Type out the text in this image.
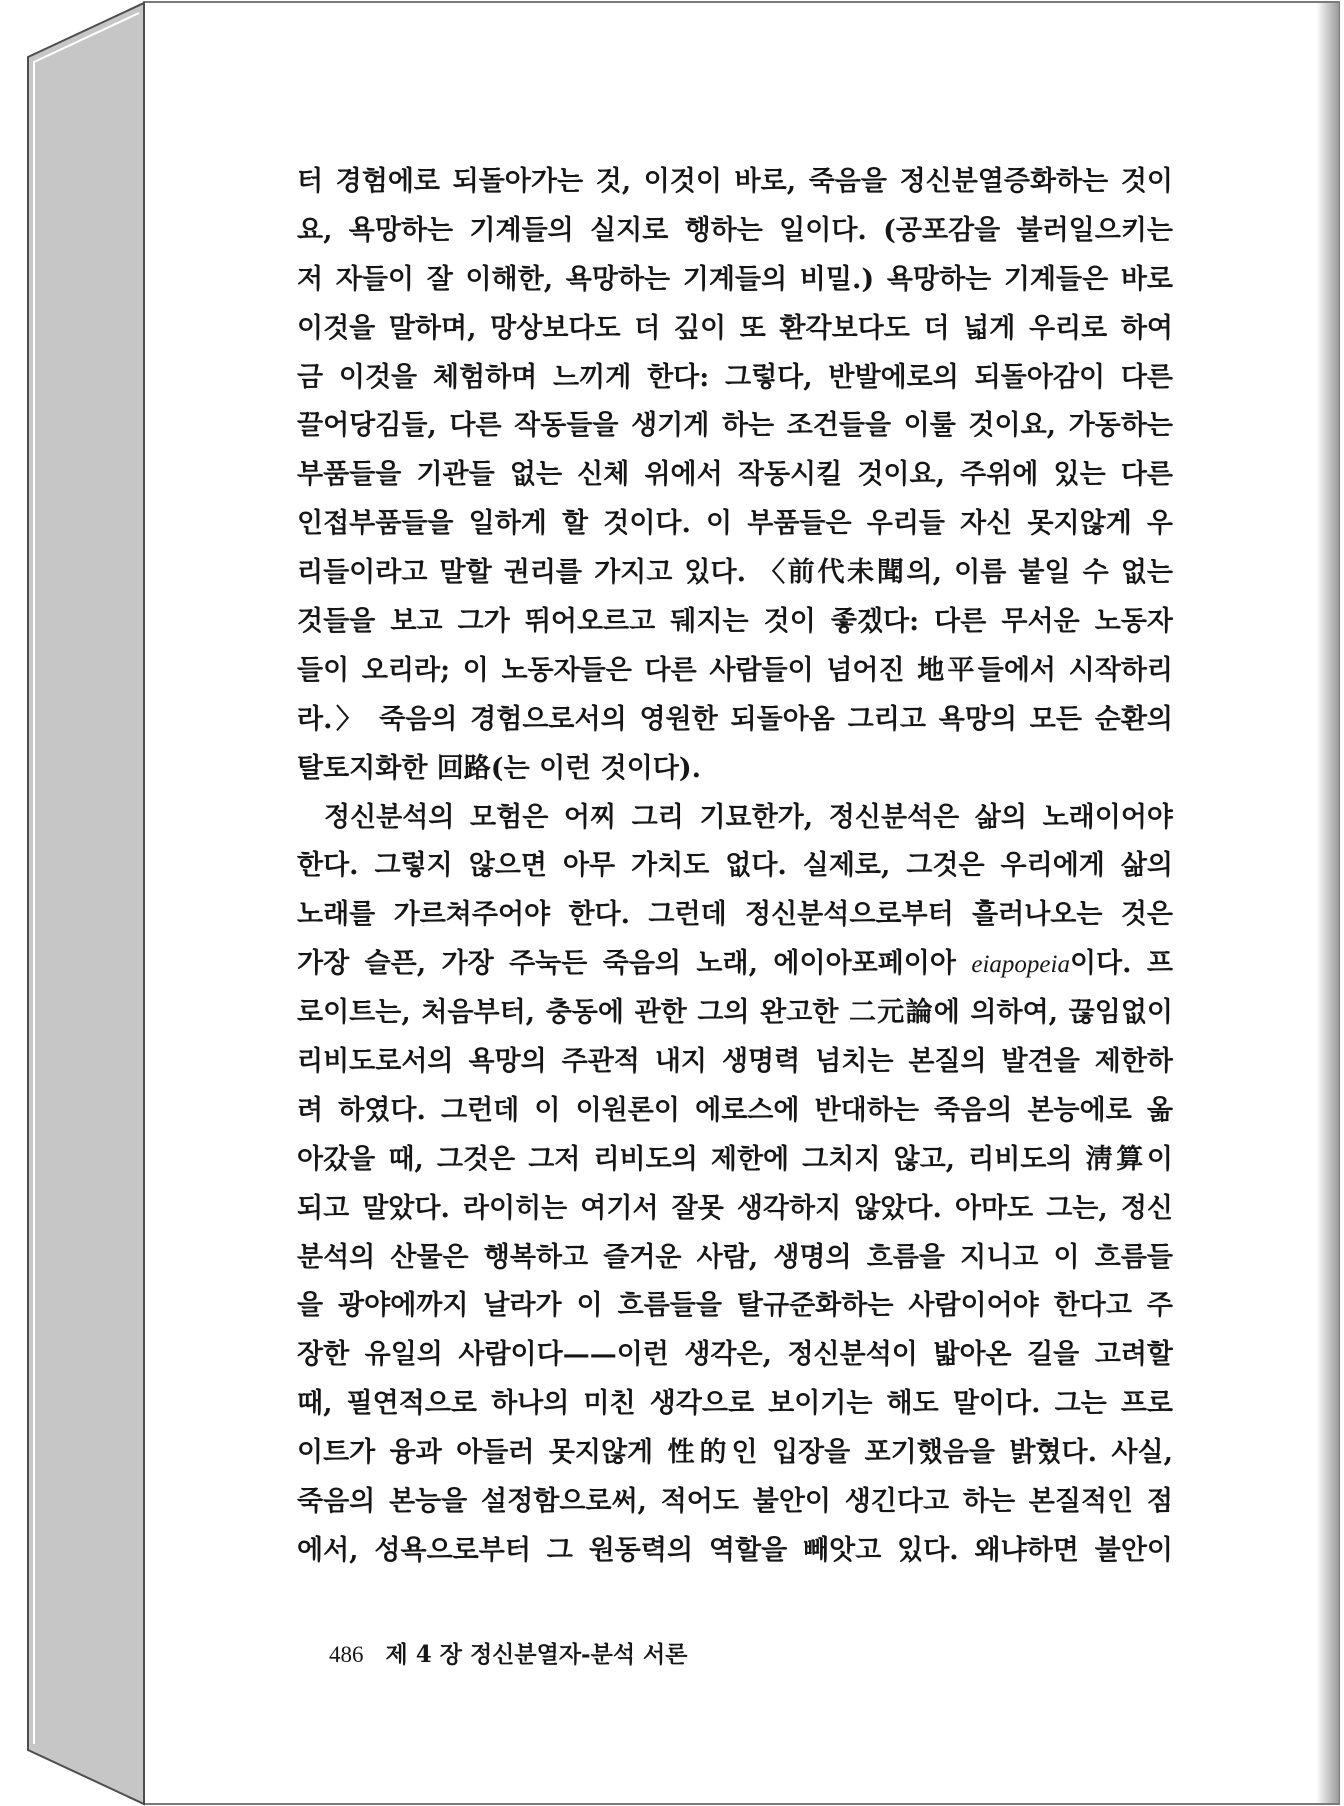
터 경험에로 되돌아가는 것, 이것이 바로, 죽음을 정신분열증화하는 것이
요, 욕망하는 기계들의 실지로 행하는 일이다. (공포감을 불러일으키는
저 자들이 잘 이해한, 욕망하는 기계들의 비밀.) 욕망하는 기계들은 바로
이것을 말하며, 망상보다도 더 깊이 또 환각보다도 더 넓게 우리로 하여
금 이것을 체험하며 느끼게 한다: 그렇다, 반발에로의 되돌아감이 다른
끌어당김들, 다른 작동들을 생기게 하는 조건들을 이룰 것이요, 가동하는
부품들을 기관들 없는 신체 위에서 작동시킬 것이요, 주위에 있는 다른
인접부품들을 일하게 할 것이다. 이 부품들은 우리들 자신 못지않게 우
리들이라고 말할 권리를 가지고 있다. 〈前代未聞의, 이름 붙일 수 없는
것들을 보고 그가 뛰어오르고 뒈지는 것이 좋겠다: 다른 무서운 노동자
들이 오리라; 이 노동자들은 다른 사람들이 넘어진 地平들에서 시작하리
라.〉 죽음의 경험으로서의 영원한 되돌아옴 그리고 욕망의 모든 순환의
탈토지화한 回路(는 이런 것이다).
정신분석의 모험은 어찌 그리 기묘한가, 정신분석은 삶의 노래이어야
한다. 그렇지 않으면 아무 가치도 없다. 실제로, 그것은 우리에게 삶의
노래를 가르쳐주어야 한다. 그런데 정신분석으로부터 흘러나오는 것은
가장 슬픈, 가장 주눅든 죽음의 노래, 에이아포페이아 eiapopeia이다. 프
로이트는, 처음부터, 충동에 관한 그의 완고한 二元論에 의하여, 끊임없이
리비도로서의 욕망의 주관적 내지 생명력 넘치는 본질의 발견을 제한하
려 하였다. 그런데 이 이원론이 에로스에 반대하는 죽음의 본능에로 옮
아갔을 때, 그것은 그저 리비도의 제한에 그치지 않고, 리비도의 淸算이
되고 말았다. 라이히는 여기서 잘못 생각하지 않았다. 아마도 그는, 정신
분석의 산물은 행복하고 즐거운 사람, 생명의 흐름을 지니고 이 흐름들
을 광야에까지 날라가 이 흐름들을 탈규준화하는 사람이어야 한다고 주
장한 유일의 사람이다——이런 생각은, 정신분석이 밟아온 길을 고려할
때, 필연적으로 하나의 미친 생각으로 보이기는 해도 말이다. 그는 프로
이트가 융과 아들러 못지않게 性的인 입장을 포기했음을 밝혔다. 사실,
죽음의 본능을 설정함으로써, 적어도 불안이 생긴다고 하는 본질적인 점
에서, 성욕으로부터 그 원동력의 역할을 빼앗고 있다. 왜냐하면 불안이
486 제 4 장 정신분열자-분석 서론
